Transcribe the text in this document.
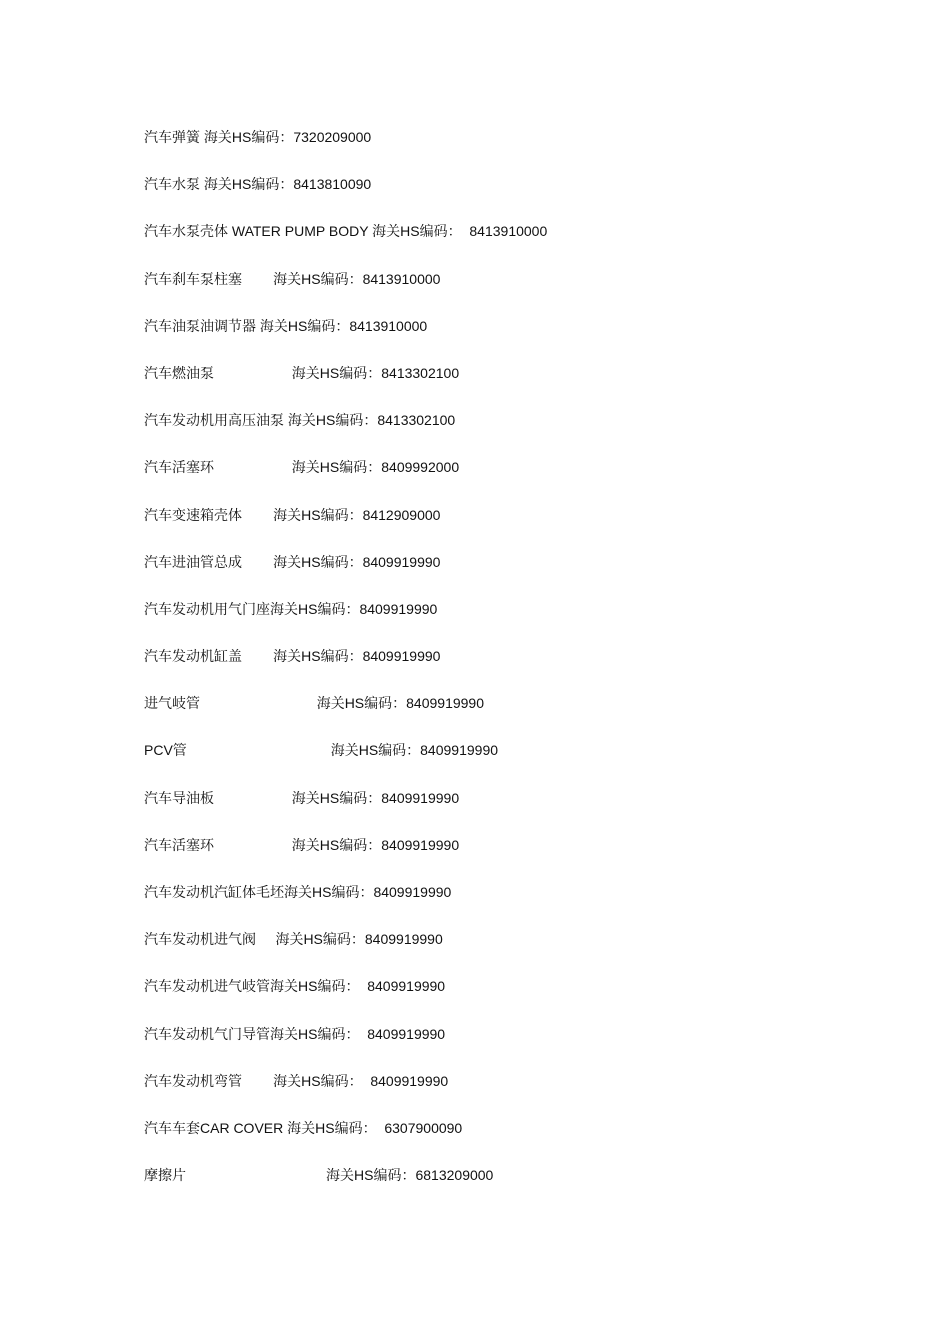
汽车弹簧 海关HS编码：7320209000
汽车水泵 海关HS编码：8413810090
汽车水泵壳体 WATER PUMP BODY 海关HS编码：  8413910000
汽车刹车泵柱塞        海关HS编码：8413910000
汽车油泵油调节器 海关HS编码：8413910000
汽车燃油泵                    海关HS编码：8413302100
汽车发动机用高压油泵 海关HS编码：8413302100
汽车活塞环                    海关HS编码：8409992000
汽车变速箱壳体        海关HS编码：8412909000
汽车进油管总成        海关HS编码：8409919990
汽车发动机用气门座海关HS编码：8409919990
汽车发动机缸盖        海关HS编码：8409919990
进气岐管                              海关HS编码：8409919990
PCV管                                     海关HS编码：8409919990
汽车导油板                    海关HS编码：8409919990
汽车活塞环                    海关HS编码：8409919990
汽车发动机汽缸体毛坯海关HS编码：8409919990
汽车发动机进气阀     海关HS编码：8409919990
汽车发动机进气岐管海关HS编码：  8409919990
汽车发动机气门导管海关HS编码：  8409919990
汽车发动机弯管        海关HS编码：  8409919990
汽车车套CAR COVER 海关HS编码：  6307900090
摩擦片                                    海关HS编码：6813209000
